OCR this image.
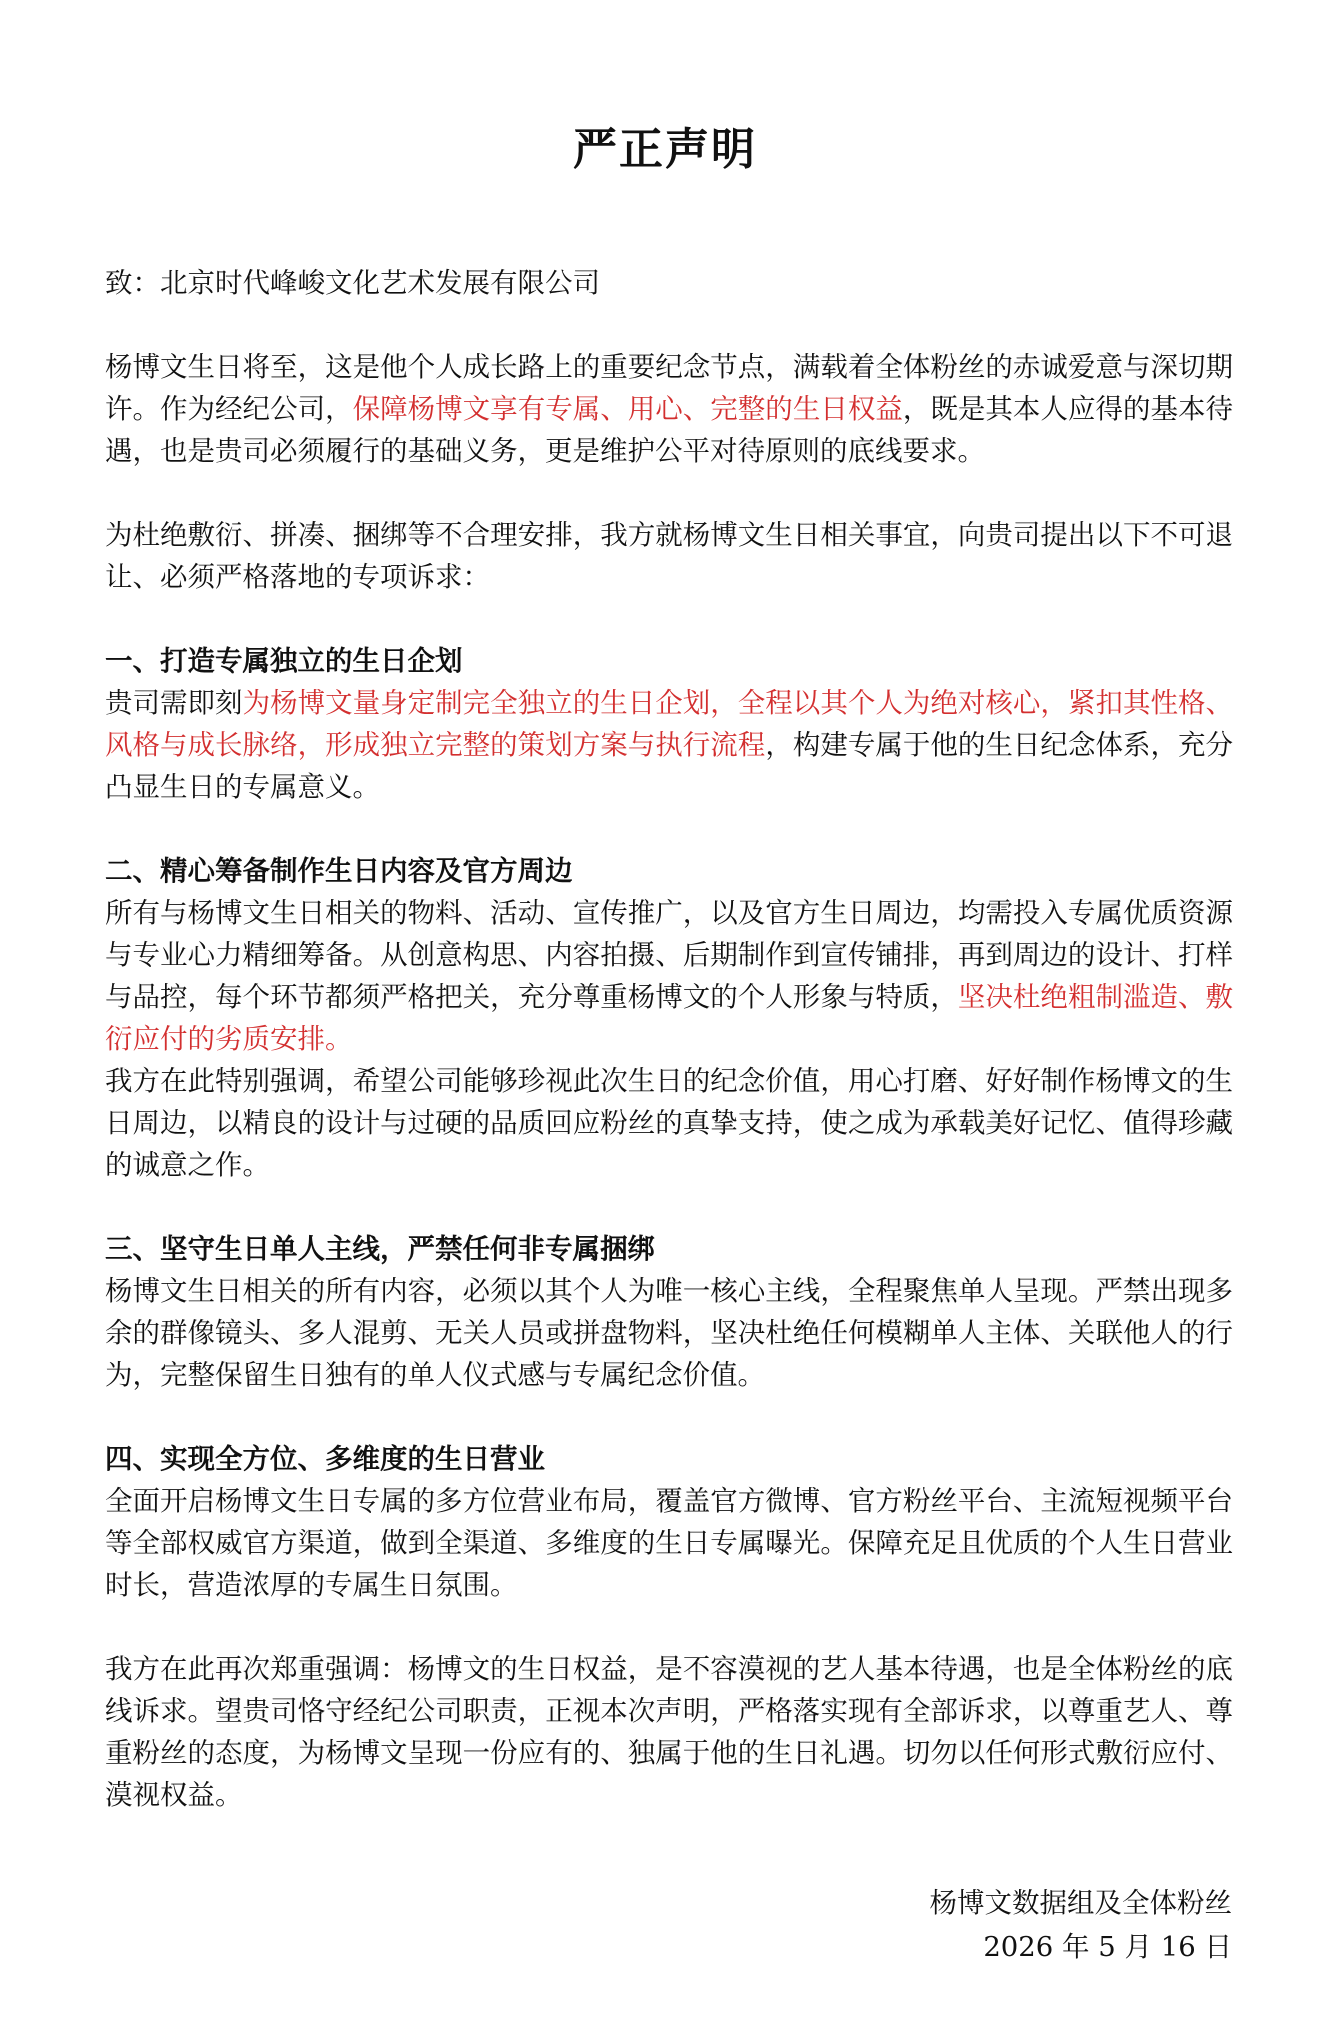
严正声明

致：北京时代峰峻文化艺术发展有限公司

杨博文生日将至，这是他个人成长路上的重要纪念节点，满载着全体粉丝的赤诚爱意与深切期许。作为经纪公司，保障杨博文享有专属、用心、完整的生日权益，既是其本人应得的基本待遇，也是贵司必须履行的基础义务，更是维护公平对待原则的底线要求。

为杜绝敷衍、拼凑、捆绑等不合理安排，我方就杨博文生日相关事宜，向贵司提出以下不可退让、必须严格落地的专项诉求：

一、打造专属独立的生日企划

贵司需即刻为杨博文量身定制完全独立的生日企划，全程以其个人为绝对核心，紧扣其性格、风格与成长脉络，形成独立完整的策划方案与执行流程，构建专属于他的生日纪念体系，充分凸显生日的专属意义。

二、精心筹备制作生日内容及官方周边

所有与杨博文生日相关的物料、活动、宣传推广，以及官方生日周边，均需投入专属优质资源与专业心力精细筹备。从创意构思、内容拍摄、后期制作到宣传铺排，再到周边的设计、打样与品控，每个环节都须严格把关，充分尊重杨博文的个人形象与特质，坚决杜绝粗制滥造、敷衍应付的劣质安排。

我方在此特别强调，希望公司能够珍视此次生日的纪念价值，用心打磨、好好制作杨博文的生日周边，以精良的设计与过硬的品质回应粉丝的真挚支持，使之成为承载美好记忆、值得珍藏的诚意之作。

三、坚守生日单人主线，严禁任何非专属捆绑

杨博文生日相关的所有内容，必须以其个人为唯一核心主线，全程聚焦单人呈现。严禁出现多余的群像镜头、多人混剪、无关人员或拼盘物料，坚决杜绝任何模糊单人主体、关联他人的行为，完整保留生日独有的单人仪式感与专属纪念价值。

四、实现全方位、多维度的生日营业

全面开启杨博文生日专属的多方位营业布局，覆盖官方微博、官方粉丝平台、主流短视频平台等全部权威官方渠道，做到全渠道、多维度的生日专属曝光。保障充足且优质的个人生日营业时长，营造浓厚的专属生日氛围。

我方在此再次郑重强调：杨博文的生日权益，是不容漠视的艺人基本待遇，也是全体粉丝的底线诉求。望贵司恪守经纪公司职责，正视本次声明，严格落实现有全部诉求，以尊重艺人、尊重粉丝的态度，为杨博文呈现一份应有的、独属于他的生日礼遇。切勿以任何形式敷衍应付、漠视权益。

杨博文数据组及全体粉丝
2026 年 5 月 16 日
